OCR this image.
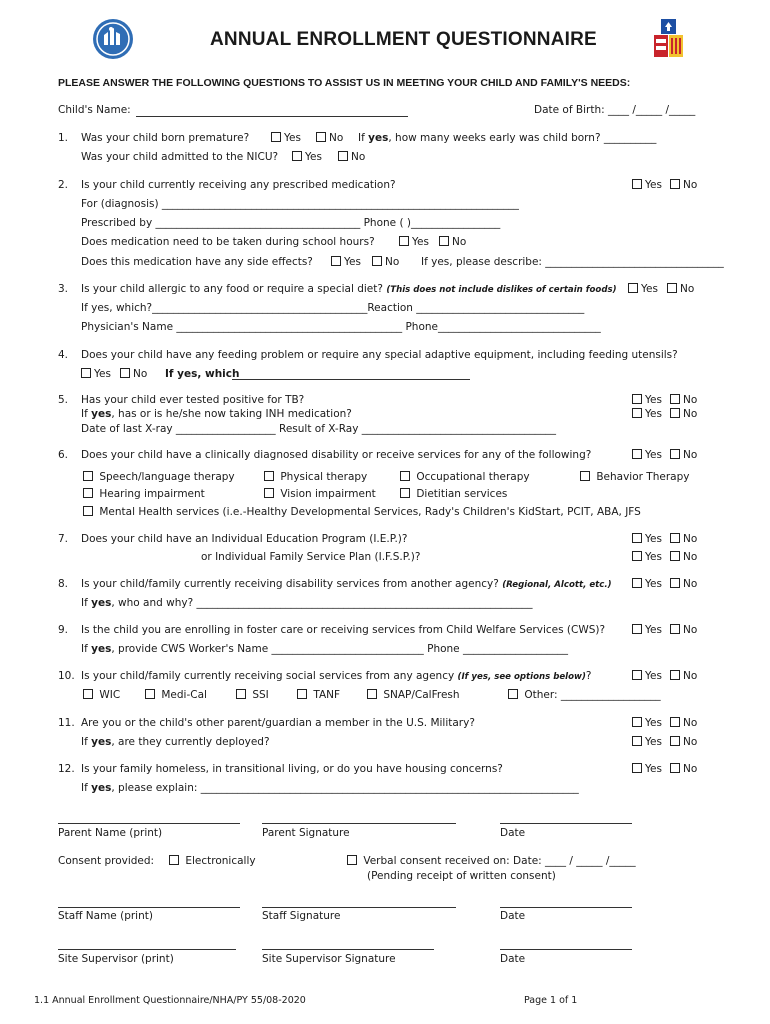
ANNUAL ENROLLMENT QUESTIONNAIRE
PLEASE ANSWER THE FOLLOWING QUESTIONS TO ASSIST US IN MEETING YOUR CHILD AND FAMILY'S NEEDS:
Child's Name:	Date of Birth: ____ /_____ /_____
1. Was your child born premature?	Yes	No If yes, how many weeks early was child born? __________
Was your child admitted to the NICU?	Yes	No
2. Is your child currently receiving any prescribed medication?	Yes	No
For (diagnosis) ____________________________________________________________________
Prescribed by _______________________________________ Phone ( )_________________
Does medication need to be taken during school hours?	Yes	No
Does this medication have any side effects?	Yes	No If yes, please describe: __________________________________
3. Is your child allergic to any food or require a special diet? (This does not include dislikes of certain foods)	Yes	No
If yes, which?_________________________________________Reaction ________________________________
Physician's Name ___________________________________________ Phone_______________________________
4. Does your child have any feeding problem or require any special adaptive equipment, including feeding utensils?
Yes	No If yes, which
5. Has your child ever tested positive for TB?	Yes	No
If yes, has or is he/she now taking INH medication?	Yes	No
Date of last X-ray ___________________ Result of X-Ray _____________________________________
6. Does your child have a clinically diagnosed disability or receive services for any of the following?	Yes	No
Speech/language therapy	Physical therapy	Occupational therapy	Behavior Therapy
Hearing impairment	Vision impairment	Dietitian services
Mental Health services (i.e.-Healthy Developmental Services, Rady's Children's KidStart, PCIT, ABA, JFS
7. Does your child have an Individual Education Program (I.E.P.)?	Yes	No
or Individual Family Service Plan (I.F.S.P.)?	Yes	No
8. Is your child/family currently receiving disability services from another agency? (Regional, Alcott, etc.)	Yes	No
If yes, who and why? ________________________________________________________________
9. Is the child you are enrolling in foster care or receiving services from Child Welfare Services (CWS)?	Yes	No
If yes, provide CWS Worker's Name _____________________________ Phone ____________________
10. Is your child/family currently receiving social services from any agency (If yes, see options below)?	Yes	No
WIC	Medi-Cal	SSI	TANF	SNAP/CalFresh	Other: ___________________
11. Are you or the child's other parent/guardian a member in the U.S. Military?	Yes	No
If yes, are they currently deployed?	Yes	No
12. Is your family homeless, in transitional living, or do you have housing concerns?	Yes	No
If yes, please explain: ________________________________________________________________________
Parent Name (print)	Parent Signature	Date
Consent provided:	Electronically	Verbal consent received on: Date: ____ / _____ /_____
(Pending receipt of written consent)
Staff Name (print)	Staff Signature	Date
Site Supervisor (print)	Site Supervisor Signature	Date
1.1 Annual Enrollment Questionnaire/NHA/PY 55/08-2020	Page 1 of 1
